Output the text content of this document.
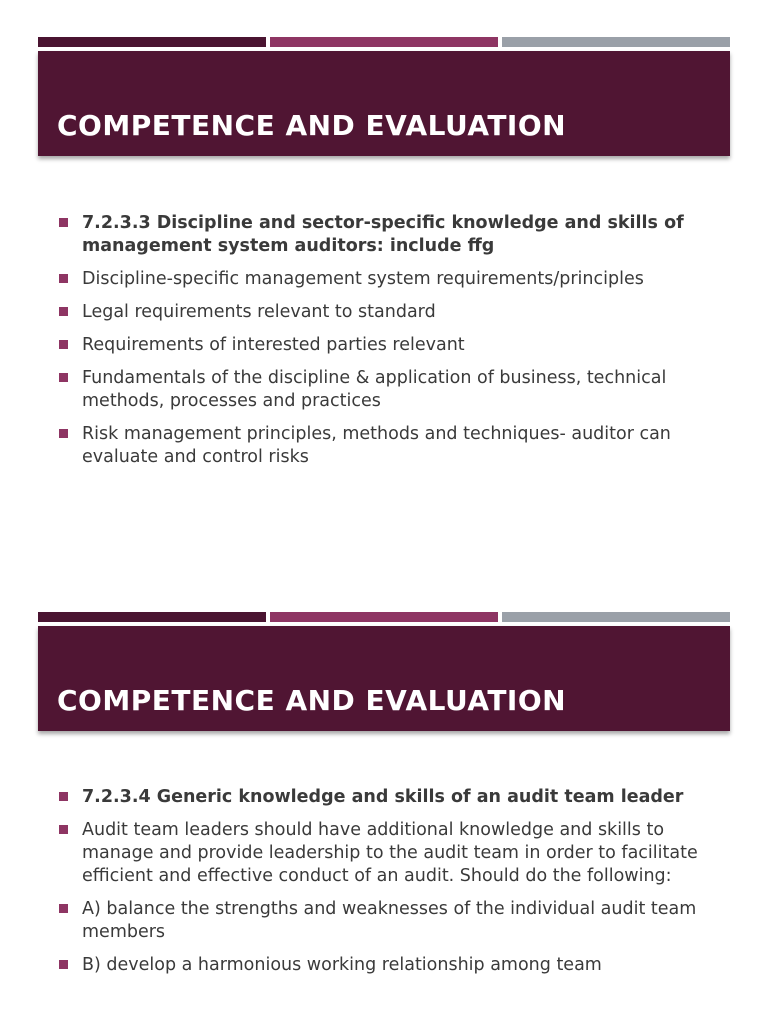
COMPETENCE AND EVALUATION
7.2.3.3 Discipline and sector-specific knowledge and skills of management system auditors: include ffg
Discipline-specific management system requirements/principles
Legal requirements relevant to standard
Requirements of interested parties relevant
Fundamentals of the discipline & application of business, technical methods, processes and practices
Risk management principles, methods and techniques- auditor can evaluate and control risks
COMPETENCE AND EVALUATION
7.2.3.4 Generic knowledge and skills of an audit team leader
Audit team leaders should have additional knowledge and skills to manage and provide leadership to the audit team in order to facilitate efficient and effective conduct of an audit. Should do the following:
A) balance the strengths and weaknesses of the individual audit team members
B) develop a harmonious working relationship among team
